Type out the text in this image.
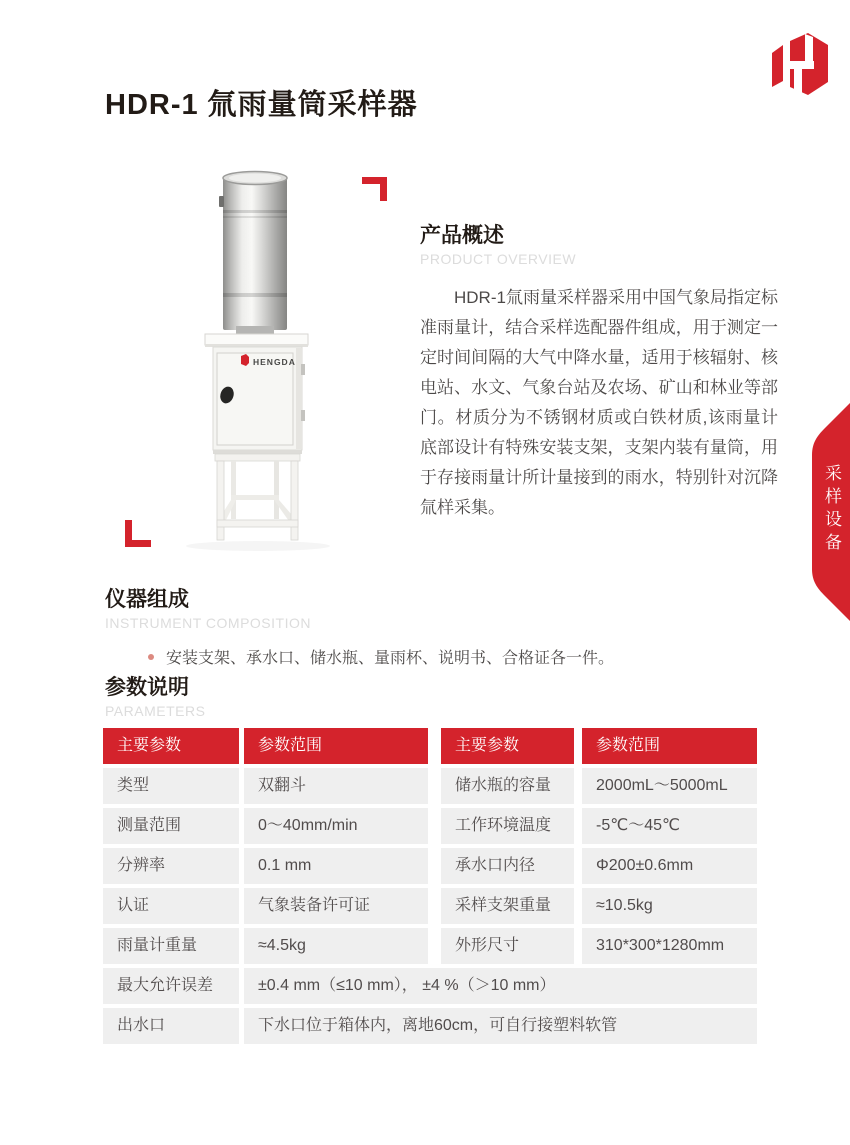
HDR-1 氚雨量筒采样器
HENGDA
产品概述
PRODUCT OVERVIEW
HDR-1氚雨量采样器采用中国气象局指定标准雨量计，结合采样选配器件组成，用于测定一定时间间隔的大气中降水量，适用于核辐射、核电站、水文、气象台站及农场、矿山和林业等部门。材质分为不锈钢材质或白铁材质,该雨量计底部设计有特殊安装支架，支架内装有量筒，用于存接雨量计所计量接到的雨水，特别针对沉降氚样采集。	采样设备
仪器组成
INSTRUMENT COMPOSITION
安装支架、承水口、储水瓶、量雨杯、说明书、合格证各一件。
参数说明
PARAMETERS
主要参数	参数范围	主要参数	参数范围
类型	双翻斗	储水瓶的容量	2000mL～5000mL
测量范围	0～40mm/min	工作环境温度	-5℃～45℃
分辨率	0.1 mm	承水口内径	Φ200±0.6mm
认证	气象装备许可证	采样支架重量	≈10.5kg
雨量计重量	≈4.5kg	外形尺寸	310*300*1280mm
最大允许误差	±0.4 mm（≤10 mm）， ±4 %（＞10 mm）
出水口	下水口位于箱体内，离地60cm，可自行接塑料软管
